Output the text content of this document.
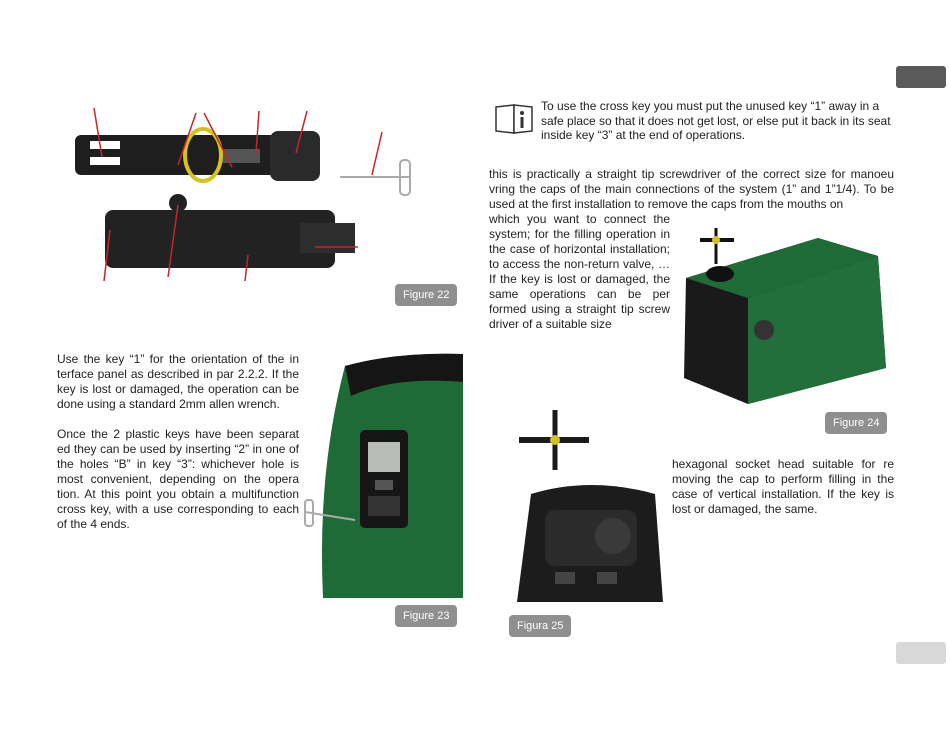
Figure 22
Figure 23
To use the cross key you must put the unused key “1” away in a safe place so that it does not get lost, or else put it back in its seat inside key “3” at the end of operations.
this is practically a straight tip screwdriver of the correct size for manoeu vring the caps of the main connections of the system (1” and 1”1/4). To be used at the first installation to remove the caps from the mouths on
which you want to connect the system; for the filling operation in the case of horizontal installation; to access the non-return valve, … If the key is lost or damaged, the same operations can be per formed using a straight tip screw driver of a suitable size
Figure 24
Figura 25
Use the key “1” for the orientation of the in terface panel as described in par 2.2.2. If the key is lost or damaged, the operation can be done using a standard 2mm allen wrench.
Once the 2 plastic keys have been separat ed they can be used by inserting “2” in one of the holes “B” in key “3”: whichever hole is most convenient, depending on the opera tion. At this point you obtain a multifunction cross key, with a use corresponding to each of the 4 ends.
hexagonal socket head suitable for re moving the cap to perform filling in the case of vertical installation. If the key is lost or damaged, the same.
